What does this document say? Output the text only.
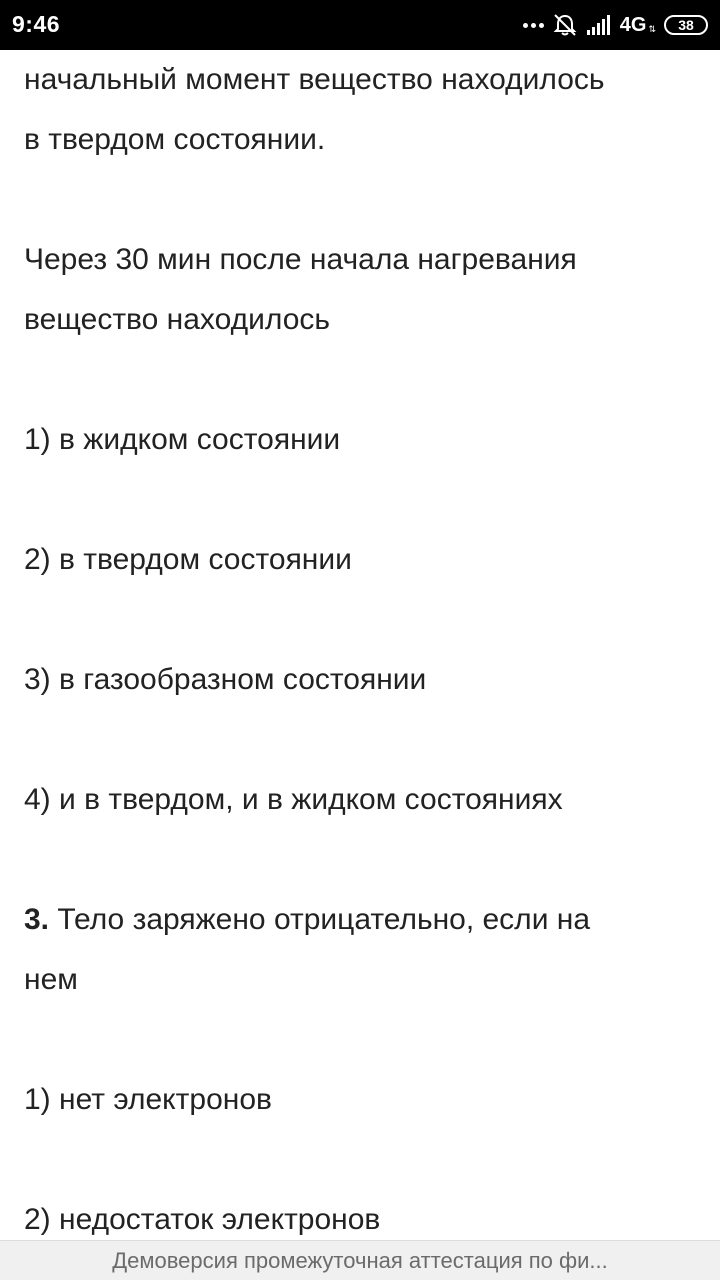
9:46	4G ⇅ 38

начальный момент вещество находилось

в твердом состоянии.

Через 30 мин после начала нагревания

вещество находилось

1) в жидком состоянии

2) в твердом состоянии

3) в газообразном состоянии

4) и в твердом, и в жидком состояниях

3. Тело заряжено отрицательно, если на

нем

1) нет электронов

2) недостаток электронов

Демоверсия промежуточная аттестация по фи...
